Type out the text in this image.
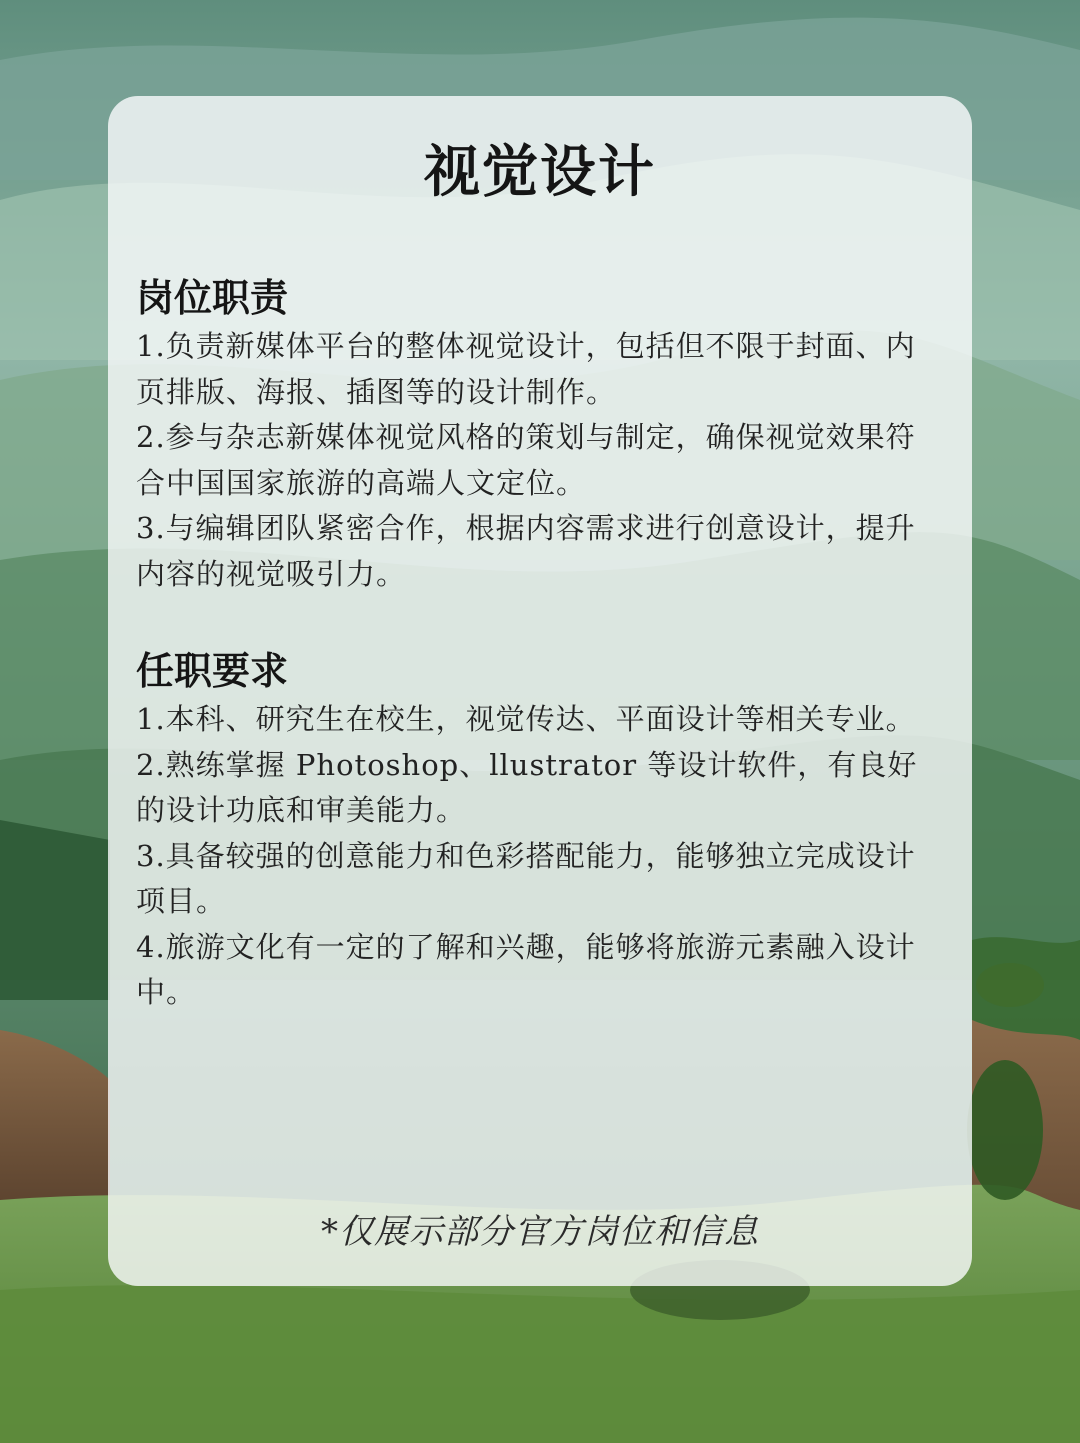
视觉设计
岗位职责
1.负责新媒体平台的整体视觉设计，包括但不限于封面、内页排版、海报、插图等的设计制作。
2.参与杂志新媒体视觉风格的策划与制定，确保视觉效果符合中国国家旅游的高端人文定位。
3.与编辑团队紧密合作，根据内容需求进行创意设计，提升内容的视觉吸引力。
任职要求
1.本科、研究生在校生，视觉传达、平面设计等相关专业。
2.熟练掌握 Photoshop、llustrator 等设计软件，有良好的设计功底和审美能力。
3.具备较强的创意能力和色彩搭配能力，能够独立完成设计项目。
4.旅游文化有一定的了解和兴趣，能够将旅游元素融入设计中。
*仅展示部分官方岗位和信息
